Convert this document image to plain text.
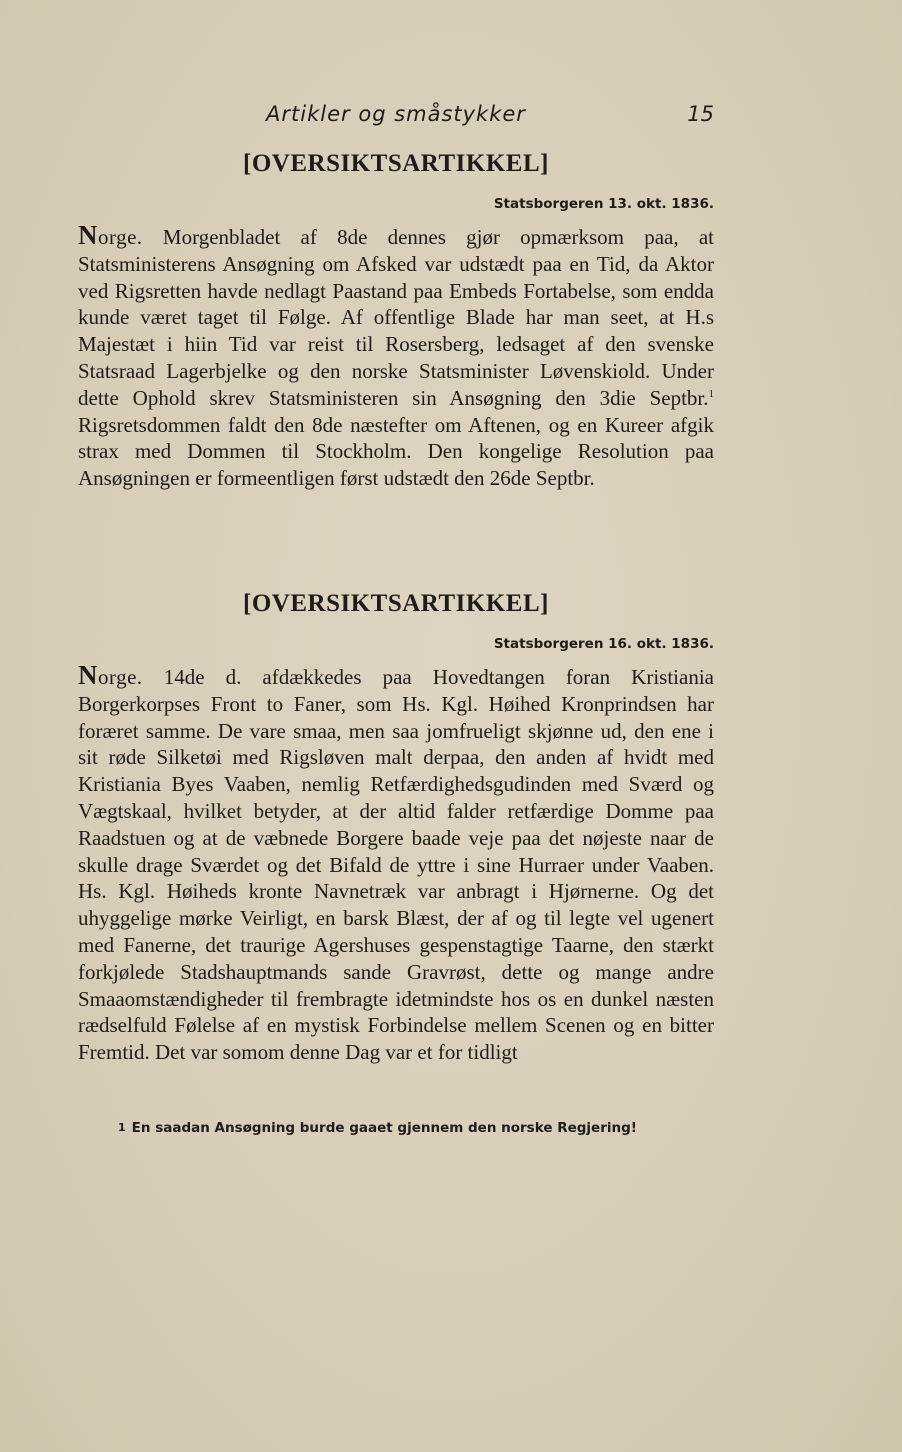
Artikler og småstykker	15
[OVERSIKTSARTIKKEL]
Statsborgeren 13. okt. 1836.

Norge. Morgenbladet af 8de dennes gjør opmærksom paa, at Statsministerens Ansøgning om Afsked var udstædt paa en Tid, da Aktor ved Rigsretten havde nedlagt Paastand paa Embeds Fortabelse, som endda kunde været taget til Følge. Af offentlige Blade har man seet, at H.s Majestæt i hiin Tid var reist til Rosersberg, ledsaget af den svenske Statsraad Lagerbjelke og den norske Statsminister Løvenskiold. Under dette Ophold skrev Statsministeren sin Ansøgning den 3die Septbr.$^1$ Rigsretsdommen faldt den 8de næstefter om Aftenen, og en Kureer afgik strax med Dommen til Stockholm. Den kongelige Resolution paa Ansøgningen er formeentligen først udstædt den 26de Septbr.

[OVERSIKTSARTIKKEL]
Statsborgeren 16. okt. 1836.

Norge. 14de d. afdækkedes paa Hovedtangen foran Kristiania Borgerkorpses Front to Faner, som Hs. Kgl. Høihed Kronprindsen har foræret samme. De vare smaa, men saa jomfrueligt skjønne ud, den ene i sit røde Silketøi med Rigsløven malt derpaa, den anden af hvidt med Kristiania Byes Vaaben, nemlig Retfærdighedsgudinden med Sværd og Vægtskaal, hvilket betyder, at der altid falder retfærdige Domme paa Raadstuen og at de væbnede Borgere baade veje paa det nøjeste naar de skulle drage Sværdet og det Bifald de yttre i sine Hurraer under Vaaben. Hs. Kgl. Høiheds kronte Navnetræk var anbragt i Hjørnerne. Og det uhyggelige mørke Veirligt, en barsk Blæst, der af og til legte vel ugenert med Fanerne, det traurige Agershuses gespenstagtige Taarne, den stærkt forkjølede Stadshauptmands sande Gravrøst, dette og mange andre Smaaomstændigheder til frembragte idetmindste hos os en dunkel næsten rædselfuld Følelse af en mystisk Forbindelse mellem Scenen og en bitter Fremtid. Det var somom denne Dag var et for tidligt

$^1$ En saadan Ansøgning burde gaaet gjennem den norske Regjering!
